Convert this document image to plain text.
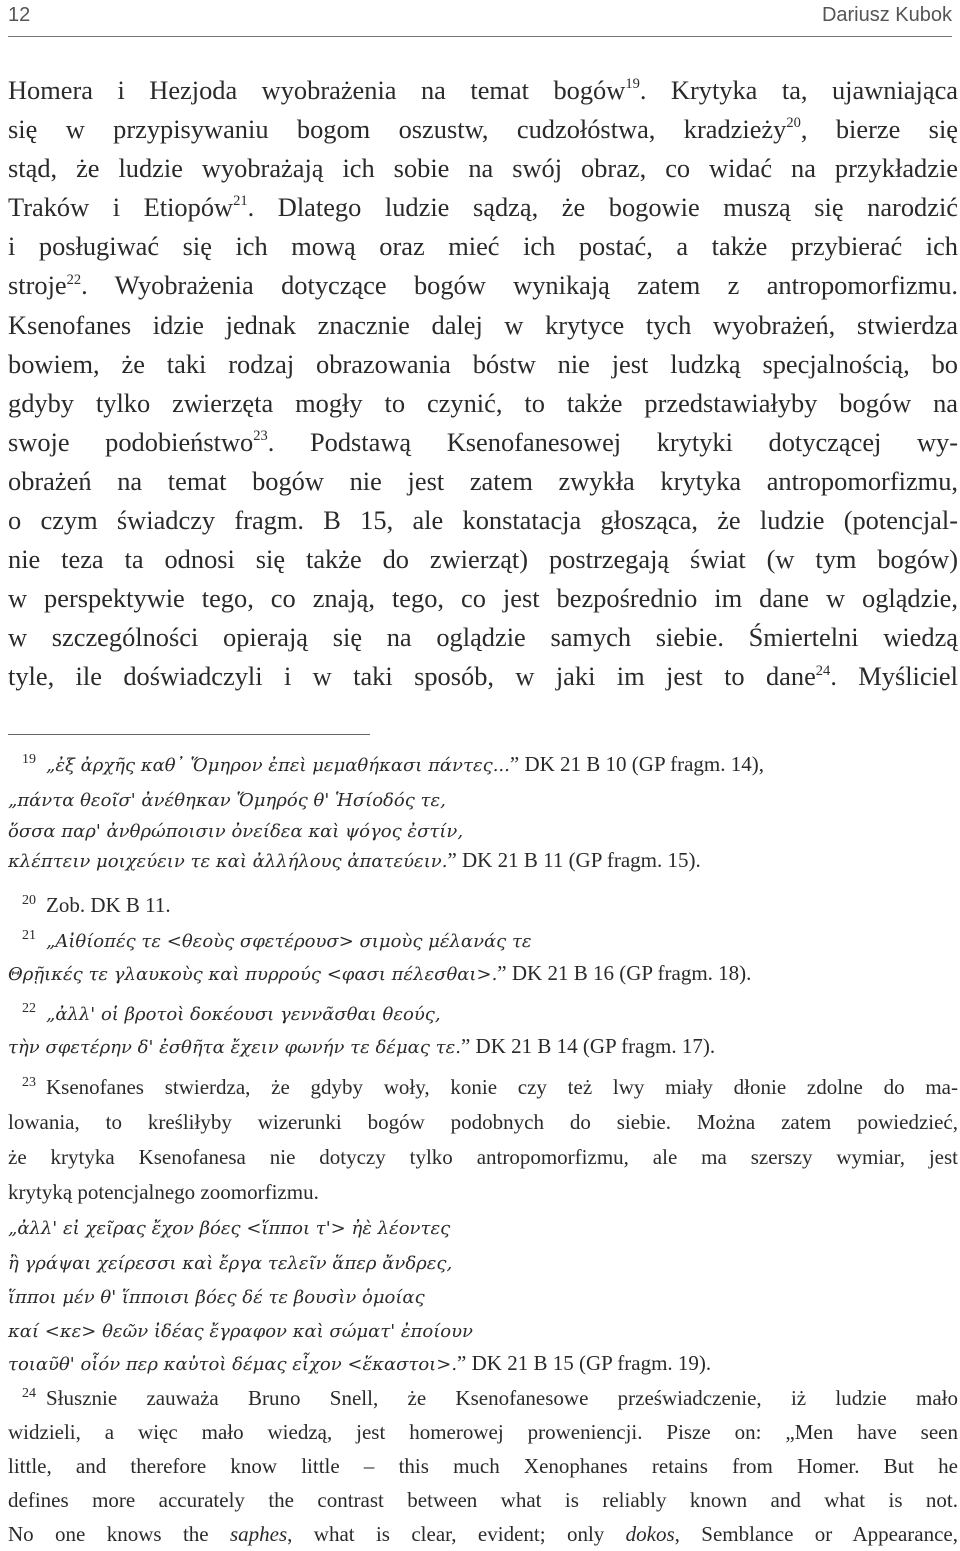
12	Dariusz Kubok
Homera i Hezjoda wyobrażenia na temat bogów$^{19}$. Krytyka ta, ujawniająca
się w przypisywaniu bogom oszustw, cudzołóstwa, kradzieży$^{20}$, bierze się
stąd, że ludzie wyobrażają ich sobie na swój obraz, co widać na przykładzie
Traków i Etiopów$^{21}$. Dlatego ludzie sądzą, że bogowie muszą się narodzić
i posługiwać się ich mową oraz mieć ich postać, a także przybierać ich
stroje$^{22}$. Wyobrażenia dotyczące bogów wynikają zatem z antropomorfizmu.
Ksenofanes idzie jednak znacznie dalej w krytyce tych wyobrażeń, stwierdza
bowiem, że taki rodzaj obrazowania bóstw nie jest ludzką specjalnością, bo
gdyby tylko zwierzęta mogły to czynić, to także przedstawiałyby bogów na
swoje podobieństwo$^{23}$. Podstawą Ksenofanesowej krytyki dotyczącej wy-
obrażeń na temat bogów nie jest zatem zwykła krytyka antropomorfizmu,
o czym świadczy fragm. B 15, ale konstatacja głosząca, że ludzie (potencjal-
nie teza ta odnosi się także do zwierząt) postrzegają świat (w tym bogów)
w perspektywie tego, co znają, tego, co jest bezpośrednio im dane w oglądzie,
w szczególności opierają się na oglądzie samych siebie. Śmiertelni wiedzą
tyle, ile doświadczyli i w taki sposób, w jaki im jest to dane$^{24}$. Myśliciel
19 „ἐξ ἀρχῆς καθ᾽ Ὅμηρον ἐπεὶ μεμαθήκασι πάντες...” DK 21 B 10 (GP fragm. 14),
„πάντα θεοῖσ' ἀνέθηκαν Ὅμηρός θ' Ἡσίοδός τε,
ὅσσα παρ' ἀνθρώποισιν ὀνείδεα καὶ ψόγος ἐστίν,
κλέπτειν μοιχεύειν τε καὶ ἀλλήλους ἀπατεύειν.” DK 21 B 11 (GP fragm. 15).
20 Zob. DK B 11.
21 „Αἰθίοπές τε <θεοὺς σφετέρουσ> σιμοὺς μέλανάς τε
Θρῇικές τε γλαυκοὺς καὶ πυρρούς <φασι πέλεσθαι>.” DK 21 B 16 (GP fragm. 18).
22 „ἀλλ' οἱ βροτοὶ δοκέουσι γεννᾶσθαι θεούς,
τὴν σφετέρην δ' ἐσθῆτα ἔχειν φωνήν τε δέμας τε.” DK 21 B 14 (GP fragm. 17).
23 Ksenofanes stwierdza, że gdyby woły, konie czy też lwy miały dłonie zdolne do ma-
lowania, to kreśliłyby wizerunki bogów podobnych do siebie. Można zatem powiedzieć,
że krytyka Ksenofanesa nie dotyczy tylko antropomorfizmu, ale ma szerszy wymiar, jest
krytyką potencjalnego zoomorfizmu.
„ἀλλ' εἰ χεῖρας ἔχον βόες <ἵπποι τ'> ἠὲ λέοντες
ἢ γράψαι χείρεσσι καὶ ἔργα τελεῖν ἅπερ ἄνδρες,
ἵπποι μέν θ' ἵπποισι βόες δέ τε βουσὶν ὁμοίας
καί <κε> θεῶν ἰδέας ἔγραφον καὶ σώματ' ἐποίουν
τοιαῦθ' οἷόν περ καὐτοὶ δέμας εἶχον <ἕκαστοι>.” DK 21 B 15 (GP fragm. 19).
24 Słusznie zauważa Bruno Snell, że Ksenofanesowe przeświadczenie, iż ludzie mało
widzieli, a więc mało wiedzą, jest homerowej proweniencji. Pisze on: „Men have seen
little, and therefore know little – this much Xenophanes retains from Homer. But he
defines more accurately the contrast between what is reliably known and what is not.
No one knows the saphes, what is clear, evident; only dokos, Semblance or Appearance,
